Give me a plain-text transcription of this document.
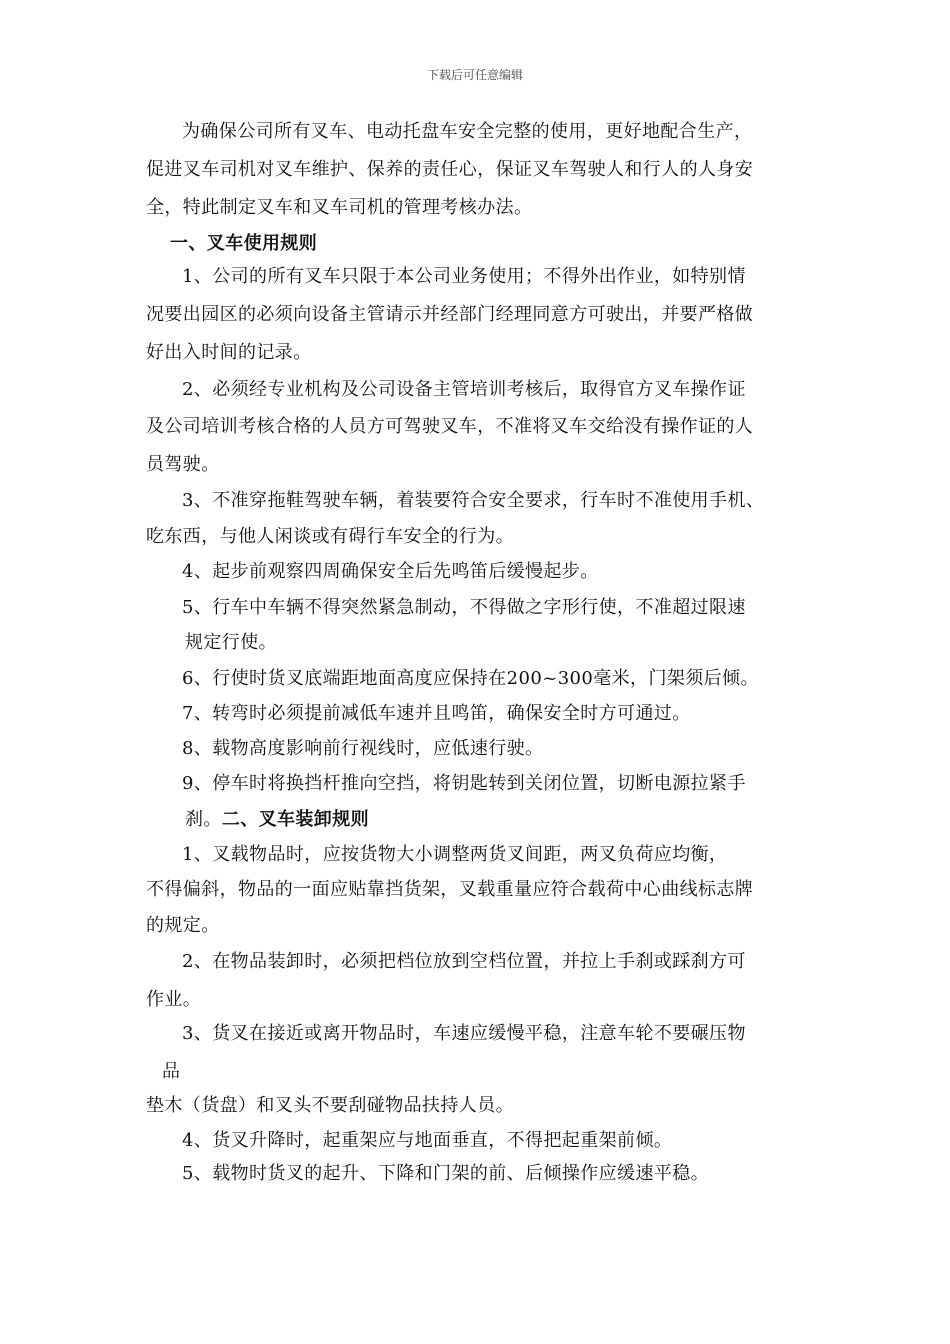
下载后可任意编辑
为确保公司所有叉车、电动托盘车安全完整的使用，更好地配合生产，
促进叉车司机对叉车维护、保养的责任心，保证叉车驾驶人和行人的人身安
全，特此制定叉车和叉车司机的管理考核办法。
一、叉车使用规则
1、公司的所有叉车只限于本公司业务使用；不得外出作业，如特别情
况要出园区的必须向设备主管请示并经部门经理同意方可驶出，并要严格做
好出入时间的记录。
2、必须经专业机构及公司设备主管培训考核后，取得官方叉车操作证
及公司培训考核合格的人员方可驾驶叉车，不准将叉车交给没有操作证的人
员驾驶。
3、不准穿拖鞋驾驶车辆，着装要符合安全要求，行车时不准使用手机、
吃东西，与他人闲谈或有碍行车安全的行为。
4、起步前观察四周确保安全后先鸣笛后缓慢起步。
5、行车中车辆不得突然紧急制动，不得做之字形行使，不准超过限速
规定行使。
6、行使时货叉底端距地面高度应保持在200~300毫米，门架须后倾。
7、转弯时必须提前减低车速并且鸣笛，确保安全时方可通过。
8、载物高度影响前行视线时，应低速行驶。
9、停车时将换挡杆推向空挡，将钥匙转到关闭位置，切断电源拉紧手
刹。二、叉车装卸规则
1、叉载物品时，应按货物大小调整两货叉间距，两叉负荷应均衡，
不得偏斜，物品的一面应贴靠挡货架，叉载重量应符合载荷中心曲线标志牌
的规定。
2、在物品装卸时，必须把档位放到空档位置，并拉上手刹或踩刹方可
作业。
3、货叉在接近或离开物品时，车速应缓慢平稳，注意车轮不要碾压物
品
垫木（货盘）和叉头不要刮碰物品扶持人员。
4、货叉升降时，起重架应与地面垂直，不得把起重架前倾。
5、载物时货叉的起升、下降和门架的前、后倾操作应缓速平稳。
